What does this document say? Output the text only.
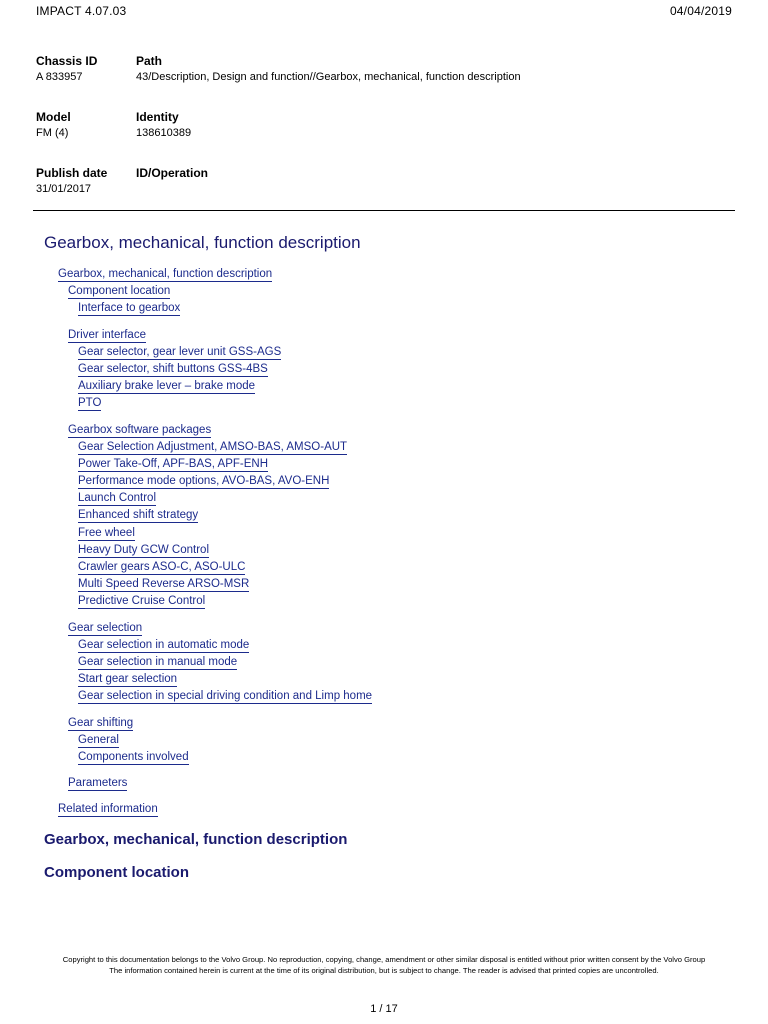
IMPACT 4.07.03	04/04/2019
Chassis ID
A 833957
Path
43/Description, Design and function//Gearbox, mechanical, function description
Model
FM (4)
Identity
138610389
Publish date
31/01/2017
ID/Operation
Gearbox, mechanical, function description
Gearbox, mechanical, function description
Component location
Interface to gearbox
Driver interface
Gear selector, gear lever unit GSS-AGS
Gear selector, shift buttons GSS-4BS
Auxiliary brake lever – brake mode
PTO
Gearbox software packages
Gear Selection Adjustment, AMSO-BAS, AMSO-AUT
Power Take-Off, APF-BAS, APF-ENH
Performance mode options, AVO-BAS, AVO-ENH
Launch Control
Enhanced shift strategy
Free wheel
Heavy Duty GCW Control
Crawler gears ASO-C, ASO-ULC
Multi Speed Reverse ARSO-MSR
Predictive Cruise Control
Gear selection
Gear selection in automatic mode
Gear selection in manual mode
Start gear selection
Gear selection in special driving condition and Limp home
Gear shifting
General
Components involved
Parameters
Related information
Gearbox, mechanical, function description
Component location
Copyright to this documentation belongs to the Volvo Group. No reproduction, copying, change, amendment or other similar disposal is entitled without prior written consent by the Volvo Group
The information contained herein is current at the time of its original distribution, but is subject to change. The reader is advised that printed copies are uncontrolled.
1 / 17
